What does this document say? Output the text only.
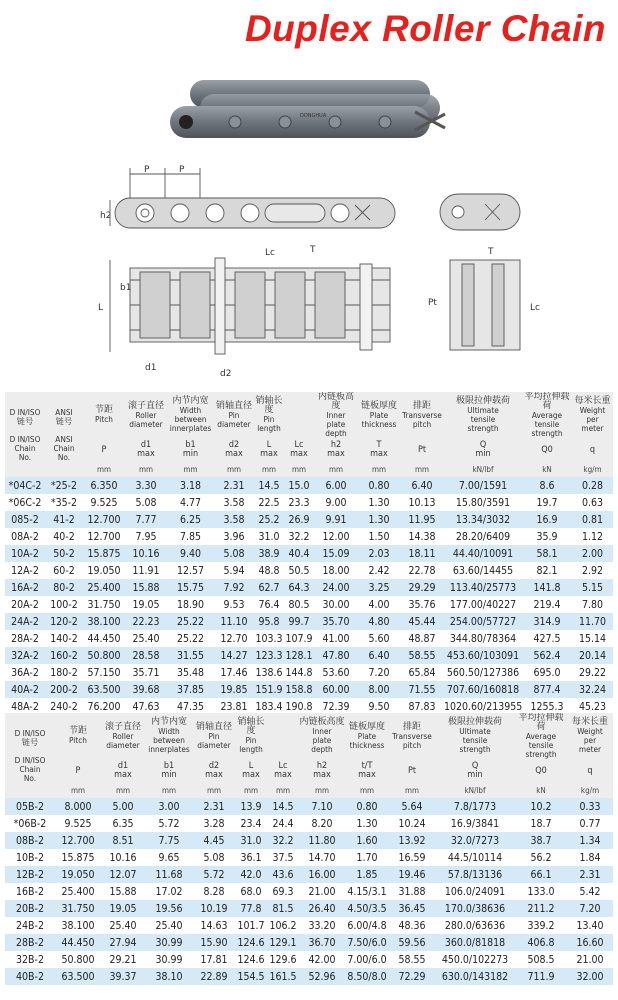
Duplex Roller Chain
DONGHUA
P	P
h2
L
b1
Lc	T
d1
d2
Pt	Lc
T
D IN/ISO
链号

D IN/ISO
Chain
No.	ANSI
链号

ANSI
Chain
No.	节距
Pitch	滚子直径
Roller
diameter	内节内宽
Width
between
innerplates	销轴直径
Pin
diameter	销轴长度
Pin
length		内链板高度
Inner
plate
depth	链板厚度
Plate
thickness	排距
Transverse
pitch	极限拉伸载荷
Ultimate
tensile
strength	平均拉伸载荷
Average
tensile
strength	每米长重
Weight
per
meter
		P	d1
max	b1
min	d2
max	L
max	Lc
max	h2
max	T
max	Pt	Q
min	Q0	q
		mm	mm	mm	mm	mm	mm	mm	mm	mm	kN/lbf	kN	kg/m
*04C-2	*25-2	6.350	3.30	3.18	2.31	14.5	15.0	6.00	0.80	6.40	7.00/1591	8.6	0.28
*06C-2	*35-2	9.525	5.08	4.77	3.58	22.5	23.3	9.00	1.30	10.13	15.80/3591	19.7	0.63
085-2	41-2	12.700	7.77	6.25	3.58	25.2	26.9	9.91	1.30	11.95	13.34/3032	16.9	0.81
08A-2	40-2	12.700	7.95	7.85	3.96	31.0	32.2	12.00	1.50	14.38	28.20/6409	35.9	1.12
10A-2	50-2	15.875	10.16	9.40	5.08	38.9	40.4	15.09	2.03	18.11	44.40/10091	58.1	2.00
12A-2	60-2	19.050	11.91	12.57	5.94	48.8	50.5	18.00	2.42	22.78	63.60/14455	82.1	2.92
16A-2	80-2	25.400	15.88	15.75	7.92	62.7	64.3	24.00	3.25	29.29	113.40/25773	141.8	5.15
20A-2	100-2	31.750	19.05	18.90	9.53	76.4	80.5	30.00	4.00	35.76	177.00/40227	219.4	7.80
24A-2	120-2	38.100	22.23	25.22	11.10	95.8	99.7	35.70	4.80	45.44	254.00/57727	314.9	11.70
28A-2	140-2	44.450	25.40	25.22	12.70	103.3	107.9	41.00	5.60	48.87	344.80/78364	427.5	15.14
32A-2	160-2	50.800	28.58	31.55	14.27	123.3	128.1	47.80	6.40	58.55	453.60/103091	562.4	20.14
36A-2	180-2	57.150	35.71	35.48	17.46	138.6	144.8	53.60	7.20	65.84	560.50/127386	695.0	29.22
40A-2	200-2	63.500	39.68	37.85	19.85	151.9	158.8	60.00	8.00	71.55	707.60/160818	877.4	32.24
48A-2	240-2	76.200	47.63	47.35	23.81	183.4	190.8	72.39	9.50	87.83	1020.60/213955	1255.3	45.23
D IN/ISO
链号

D IN/ISO
Chain
No.	节距
Pitch	滚子直径
Roller
diameter	内节内宽
Width
between
innerplates	销轴直径
Pin
diameter	销轴长度
Pin
length		内链板高度
Inner
plate
depth	链板厚度
Plate
thickness	排距
Transverse
pitch	极限拉伸载荷
Ultimate
tensile
strength	平均拉伸载荷
Average
tensile
strength	每米长重
Weight
per
meter
	P	d1
max	b1
min	d2
max	L
max	Lc
max	h2
max	t/T
max	Pt	Q
min	Q0	q
	mm	mm	mm	mm	mm	mm	mm	mm	mm	kN/lbf	kN	kg/m
05B-2	8.000	5.00	3.00	2.31	13.9	14.5	7.10	0.80	5.64	7.8/1773	10.2	0.33
*06B-2	9.525	6.35	5.72	3.28	23.4	24.4	8.20	1.30	10.24	16.9/3841	18.7	0.77
08B-2	12.700	8.51	7.75	4.45	31.0	32.2	11.80	1.60	13.92	32.0/7273	38.7	1.34
10B-2	15.875	10.16	9.65	5.08	36.1	37.5	14.70	1.70	16.59	44.5/10114	56.2	1.84
12B-2	19.050	12.07	11.68	5.72	42.0	43.6	16.00	1.85	19.46	57.8/13136	66.1	2.31
16B-2	25.400	15.88	17.02	8.28	68.0	69.3	21.00	4.15/3.1	31.88	106.0/24091	133.0	5.42
20B-2	31.750	19.05	19.56	10.19	77.8	81.5	26.40	4.50/3.5	36.45	170.0/38636	211.2	7.20
24B-2	38.100	25.40	25.40	14.63	101.7	106.2	33.20	6.00/4.8	48.36	280.0/63636	339.2	13.40
28B-2	44.450	27.94	30.99	15.90	124.6	129.1	36.70	7.50/6.0	59.56	360.0/81818	406.8	16.60
32B-2	50.800	29.21	30.99	17.81	124.6	129.6	42.00	7.00/6.0	58.55	450.0/102273	508.5	21.00
40B-2	63.500	39.37	38.10	22.89	154.5	161.5	52.96	8.50/8.0	72.29	630.0/143182	711.9	32.00
